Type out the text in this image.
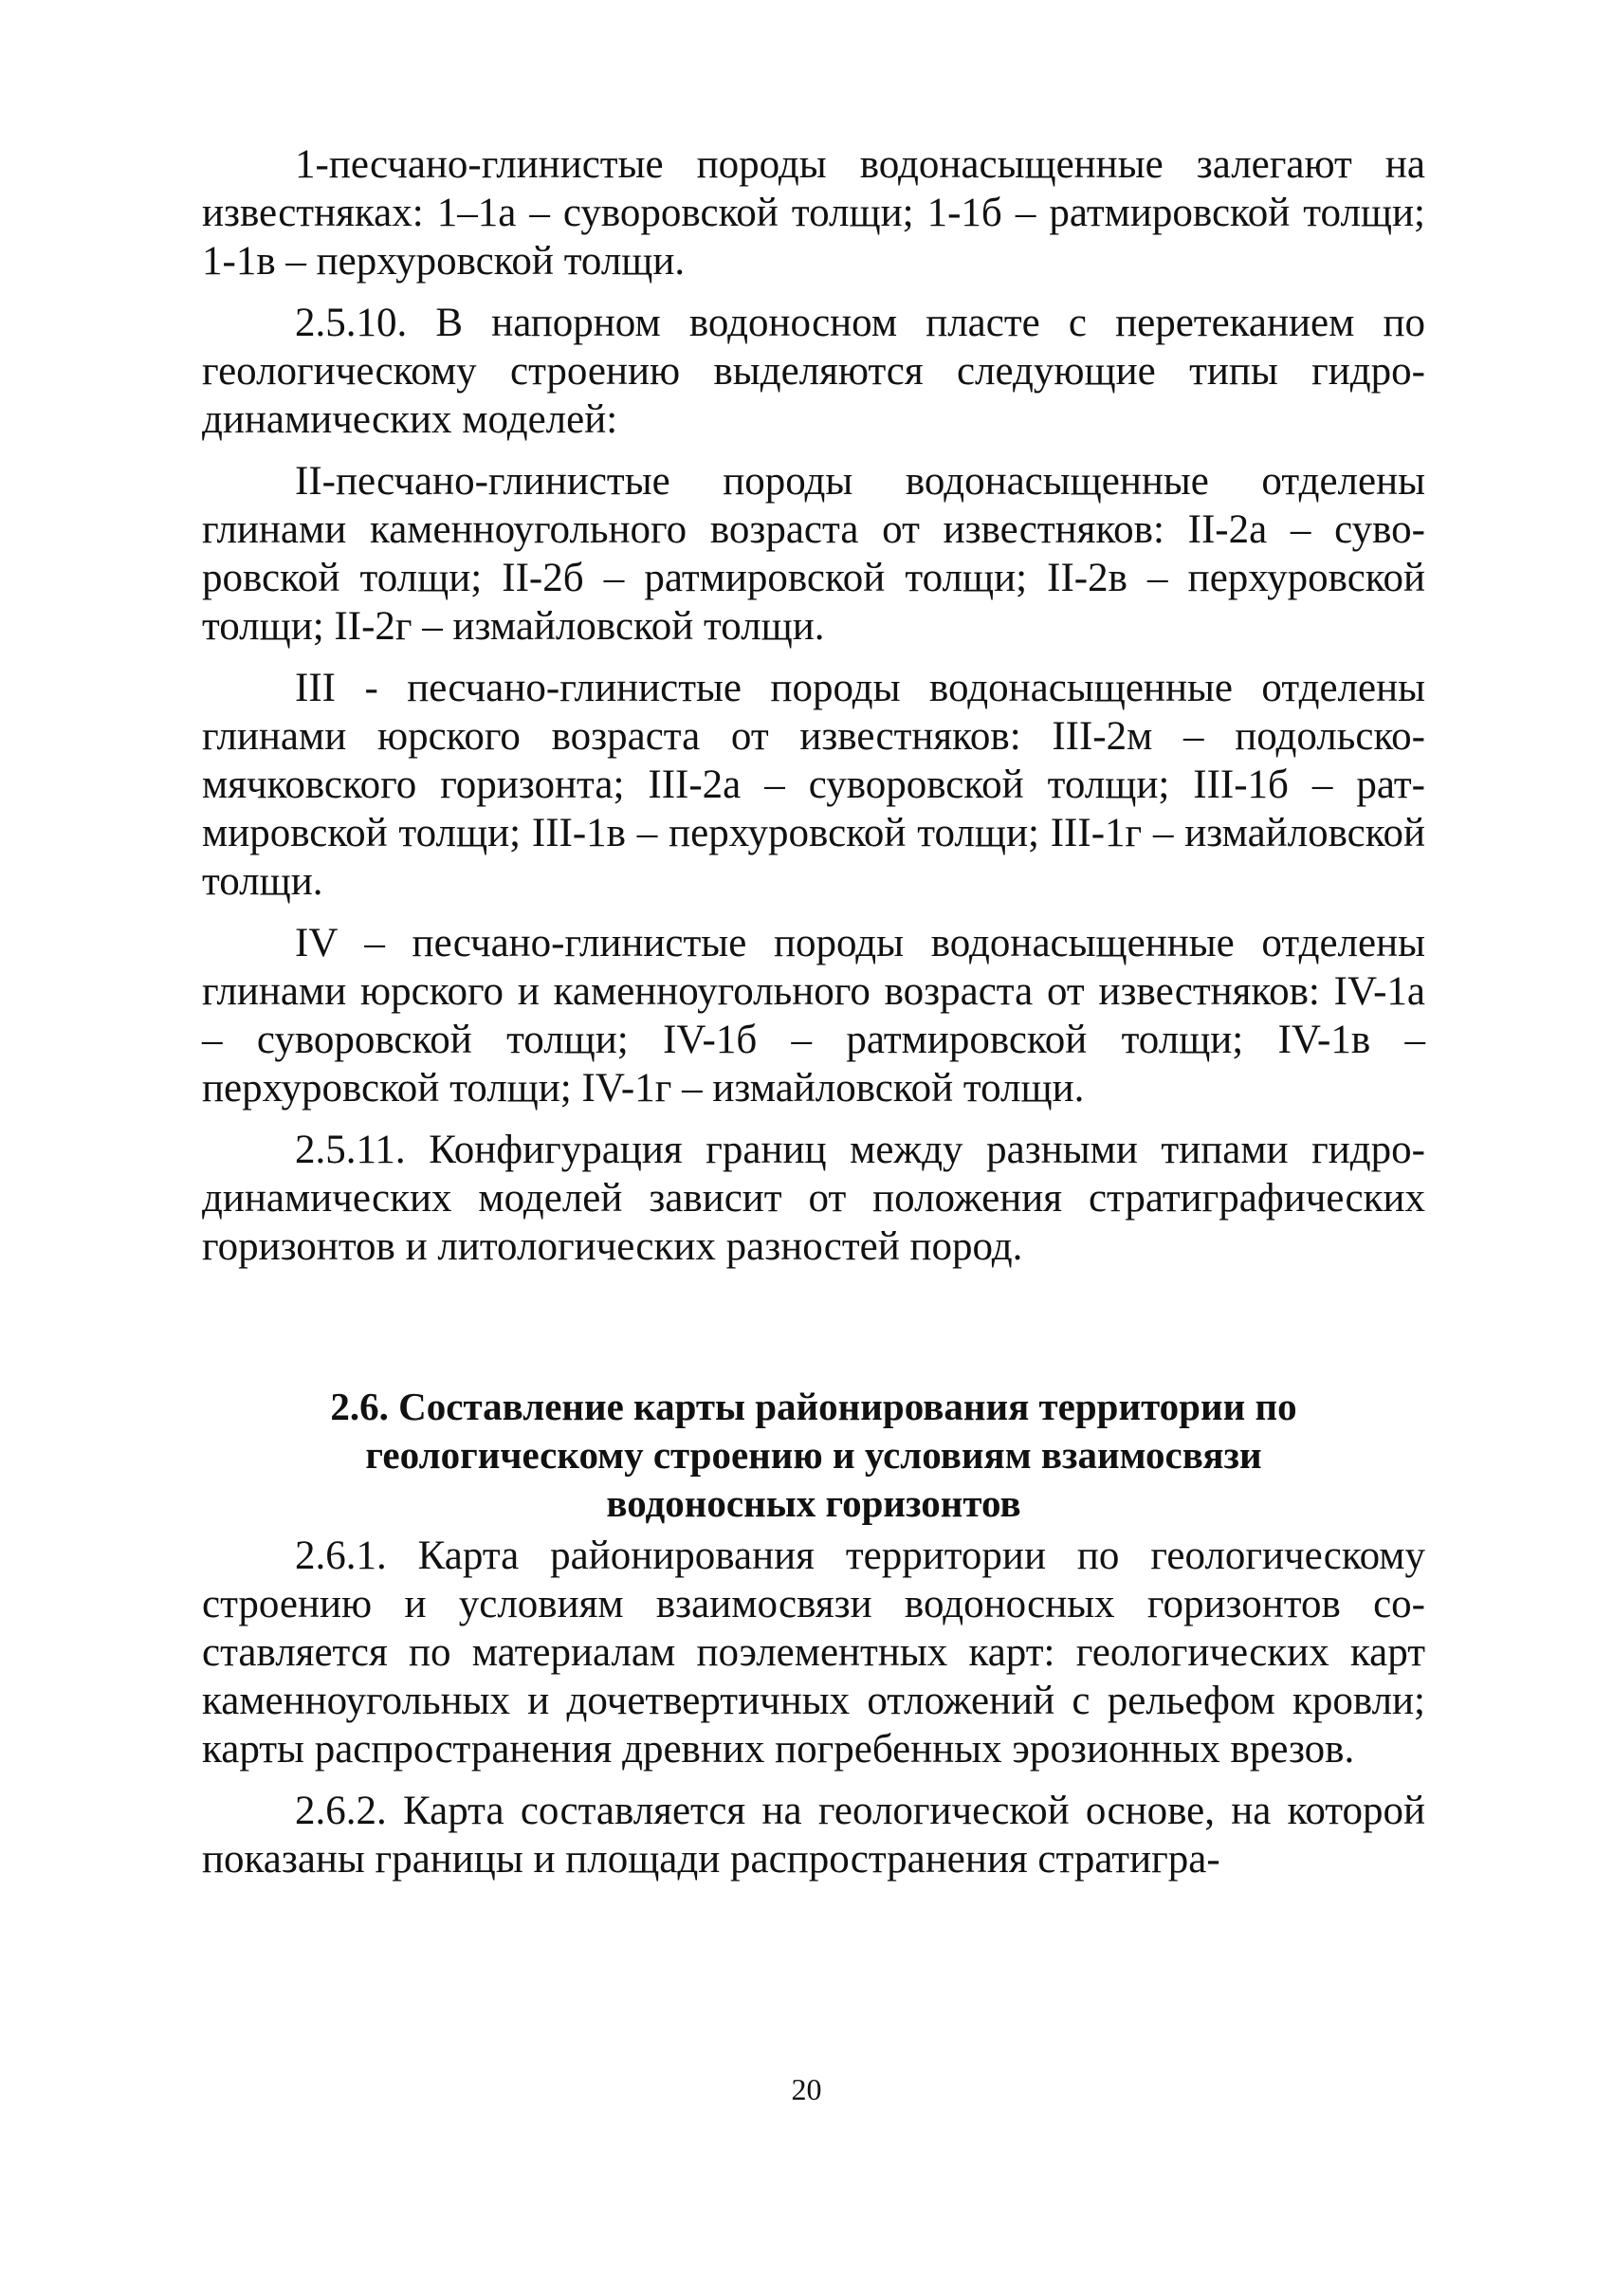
1-песчано-глинистые породы водонасыщенные залегают на известняках: 1–1а – суворовской толщи; 1-1б – ратмировской толщи; 1-1в – перхуровской толщи.

2.5.10. В напорном водоносном пласте с перетеканием по геологическому строению выделяются следующие типы гидродинамических моделей:

II-песчано-глинистые породы водонасыщенные отделены глинами каменноугольного возраста от известняков: II-2а – суворовской толщи; II-2б – ратмировской толщи; II-2в – перхуровской толщи; II-2г – измайловской толщи.

III - песчано-глинистые породы водонасыщенные отделены глинами юрского возраста от известняков: III-2м – подольско-мячковского горизонта; III-2а – суворовской толщи; III-1б – ратмировской толщи; III-1в – перхуровской толщи; III-1г – измайловской толщи.

IV – песчано-глинистые породы водонасыщенные отделены глинами юрского и каменноугольного возраста от известняков: IV-1а – суворовской толщи; IV-1б – ратмировской толщи; IV-1в – перхуровской толщи; IV-1г – измайловской толщи.

2.5.11. Конфигурация границ между разными типами гидродинамических моделей зависит от положения стратиграфических горизонтов и литологических разностей пород.

2.6. Составление карты районирования территории по
геологическому строению и условиям взаимосвязи
водоносных горизонтов

2.6.1. Карта районирования территории по геологическому строению и условиям взаимосвязи водоносных горизонтов составляется по материалам поэлементных карт: геологических карт каменноугольных и дочетвертичных отложений с рельефом кровли; карты распространения древних погребенных эрозионных врезов.

2.6.2. Карта составляется на геологической основе, на которой показаны границы и площади распространения стратигра-

20
